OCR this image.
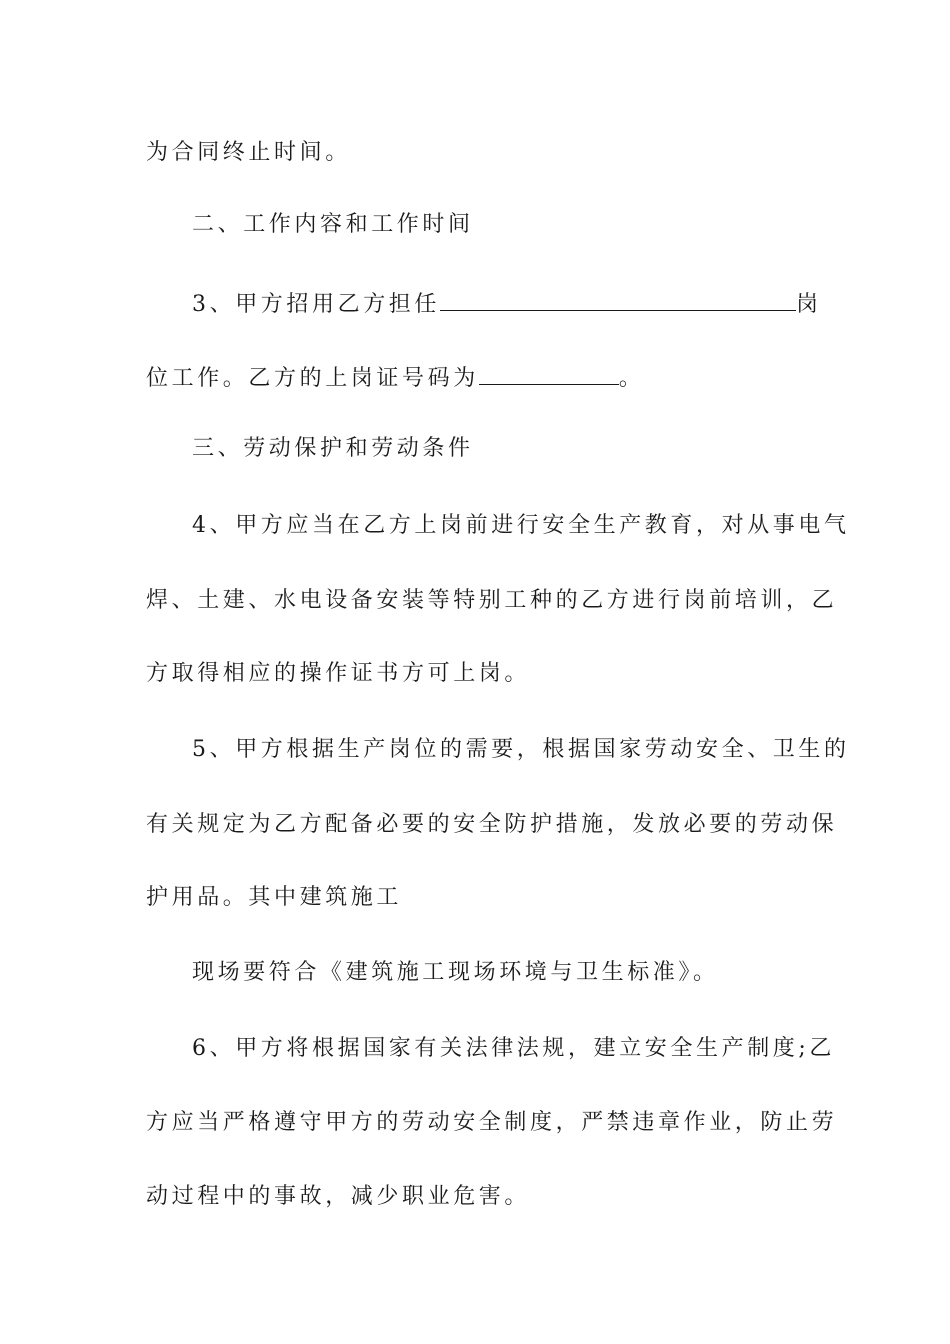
为合同终止时间。
二、工作内容和工作时间
3、甲方招用乙方担任	岗
位工作。乙方的上岗证号码为	。
三、劳动保护和劳动条件
4、甲方应当在乙方上岗前进行安全生产教育，对从事电气
焊、土建、水电设备安装等特别工种的乙方进行岗前培训，乙
方取得相应的操作证书方可上岗。
5、甲方根据生产岗位的需要，根据国家劳动安全、卫生的
有关规定为乙方配备必要的安全防护措施，发放必要的劳动保
护用品。其中建筑施工
现场要符合《建筑施工现场环境与卫生标准》。
6、甲方将根据国家有关法律法规，建立安全生产制度;乙
方应当严格遵守甲方的劳动安全制度，严禁违章作业，防止劳
动过程中的事故，减少职业危害。
